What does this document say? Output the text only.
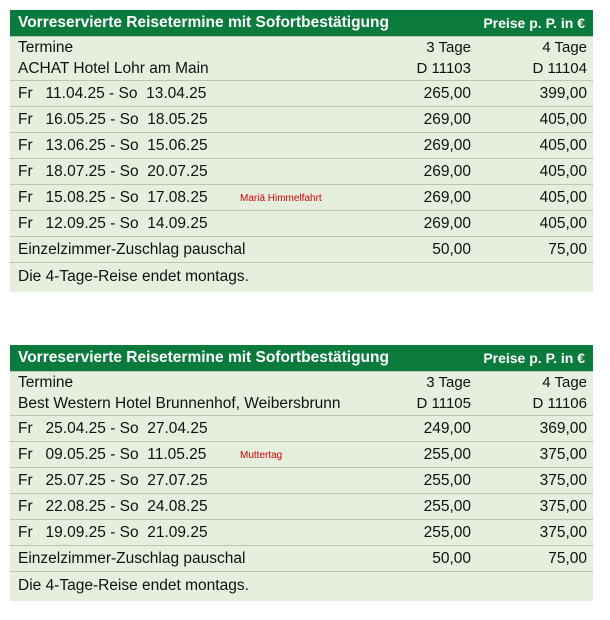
Vorreservierte Reisetermine mit Sofortbestätigung	Preise p. P. in €
Termine	3 Tage	4 Tage
ACHAT Hotel Lohr am Main	D 11103	D 11104
Fr   11.04.25 - So  13.04.25	265,00	399,00
Fr   16.05.25 - So  18.05.25	269,00	405,00
Fr   13.06.25 - So  15.06.25	269,00	405,00
Fr   18.07.25 - So  20.07.25	269,00	405,00
Fr   15.08.25 - So  17.08.25	Mariä Himmelfahrt	269,00	405,00
Fr   12.09.25 - So  14.09.25	269,00	405,00
Einzelzimmer-Zuschlag pauschal	50,00	75,00
Die 4-Tage-Reise endet montags.
Vorreservierte Reisetermine mit Sofortbestätigung	Preise p. P. in €
Termine	3 Tage	4 Tage
Best Western Hotel Brunnenhof, Weibersbrunn	D 11105	D 11106
Fr   25.04.25 - So  27.04.25	249,00	369,00
Fr   09.05.25 - So  11.05.25	Muttertag	255,00	375,00
Fr   25.07.25 - So  27.07.25	255,00	375,00
Fr   22.08.25 - So  24.08.25	255,00	375,00
Fr   19.09.25 - So  21.09.25	255,00	375,00
Einzelzimmer-Zuschlag pauschal	50,00	75,00
Die 4-Tage-Reise endet montags.
